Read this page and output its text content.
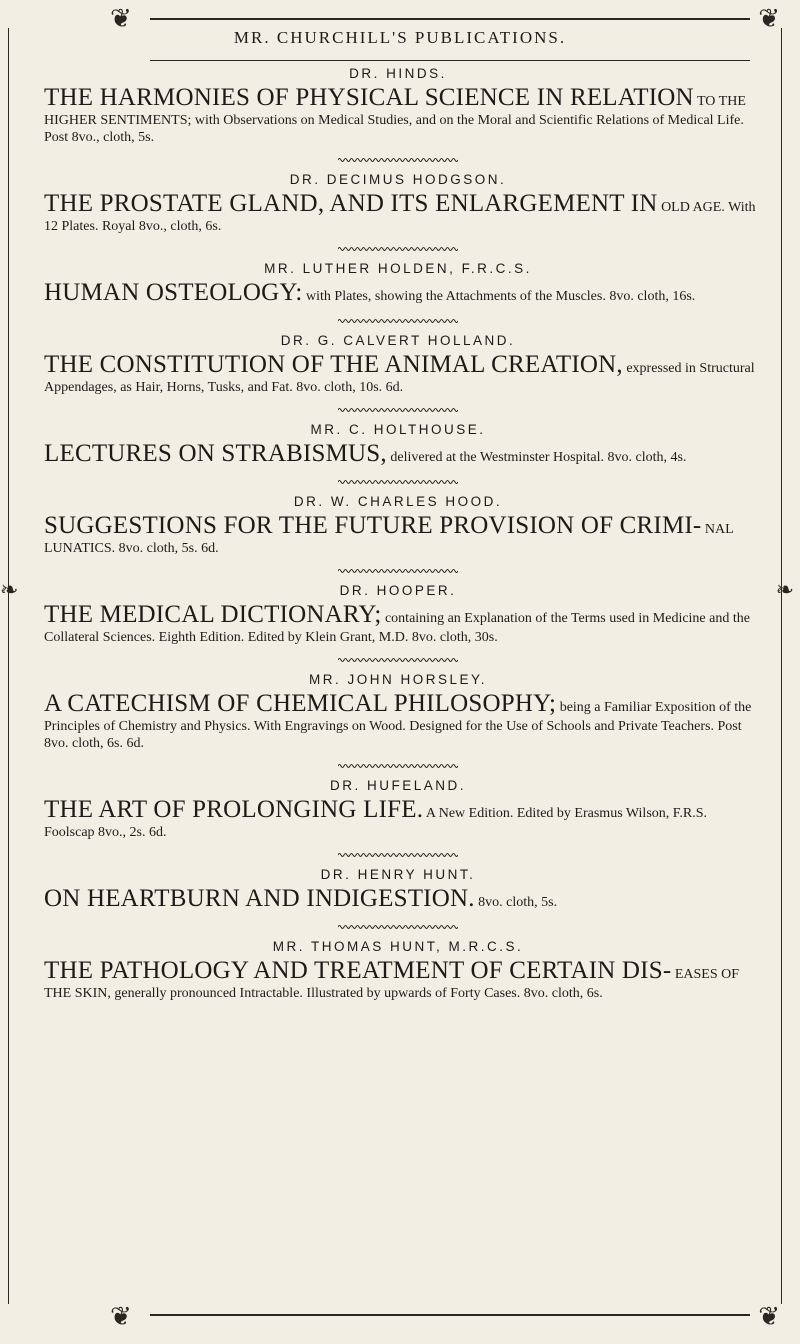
❦	❦
❦	❦
❧	❧
MR. CHURCHILL'S PUBLICATIONS.
DR. HINDS.
THE HARMONIES OF PHYSICAL SCIENCE IN RELATION TO THE HIGHER SENTIMENTS; with Observations on Medical Studies, and on the Moral and Scientific Relations of Medical Life. Post 8vo., cloth, 5s.
DR. DECIMUS HODGSON.
THE PROSTATE GLAND, AND ITS ENLARGEMENT IN OLD AGE. With 12 Plates. Royal 8vo., cloth, 6s.
MR. LUTHER HOLDEN, F.R.C.S.
HUMAN OSTEOLOGY: with Plates, showing the Attachments of the Muscles. 8vo. cloth, 16s.
DR. G. CALVERT HOLLAND.
THE CONSTITUTION OF THE ANIMAL CREATION, expressed in Structural Appendages, as Hair, Horns, Tusks, and Fat. 8vo. cloth, 10s. 6d.
MR. C. HOLTHOUSE.
LECTURES ON STRABISMUS, delivered at the Westminster Hospital. 8vo. cloth, 4s.
DR. W. CHARLES HOOD.
SUGGESTIONS FOR THE FUTURE PROVISION OF CRIMI- NAL LUNATICS. 8vo. cloth, 5s. 6d.
DR. HOOPER.
THE MEDICAL DICTIONARY; containing an Explanation of the Terms used in Medicine and the Collateral Sciences. Eighth Edition. Edited by Klein Grant, M.D. 8vo. cloth, 30s.
MR. JOHN HORSLEY.
A CATECHISM OF CHEMICAL PHILOSOPHY; being a Familiar Exposition of the Principles of Chemistry and Physics. With Engravings on Wood. Designed for the Use of Schools and Private Teachers. Post 8vo. cloth, 6s. 6d.
DR. HUFELAND.
THE ART OF PROLONGING LIFE. A New Edition. Edited by Erasmus Wilson, F.R.S. Foolscap 8vo., 2s. 6d.
DR. HENRY HUNT.
ON HEARTBURN AND INDIGESTION. 8vo. cloth, 5s.
MR. THOMAS HUNT, M.R.C.S.
THE PATHOLOGY AND TREATMENT OF CERTAIN DIS- EASES OF THE SKIN, generally pronounced Intractable. Illustrated by upwards of Forty Cases. 8vo. cloth, 6s.
